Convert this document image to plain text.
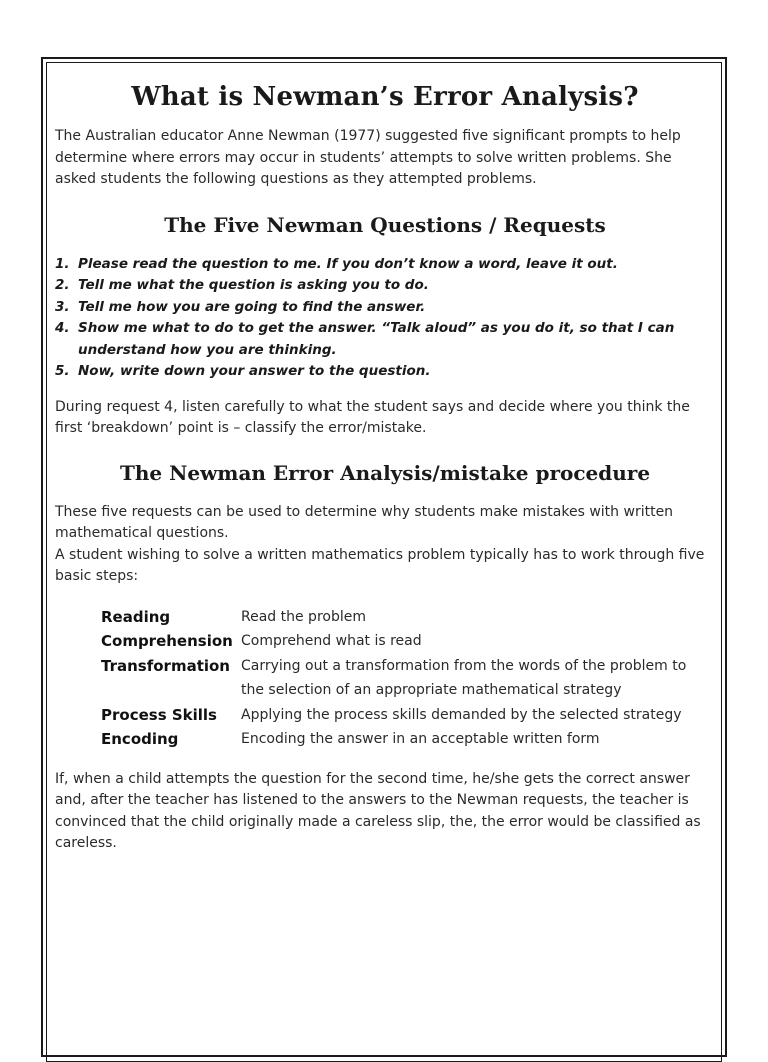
What is Newman’s Error Analysis?

The Australian educator Anne Newman (1977) suggested five significant prompts to help determine where errors may occur in students’ attempts to solve written problems. She asked students the following questions as they attempted problems.

The Five Newman Questions / Requests
1. Please read the question to me. If you don’t know a word, leave it out.
2. Tell me what the question is asking you to do.
3. Tell me how you are going to find the answer.
4. Show me what to do to get the answer. “Talk aloud” as you do it, so that I can understand how you are thinking.
5. Now, write down your answer to the question.

During request 4, listen carefully to what the student says and decide where you think the first ‘breakdown’ point is – classify the error/mistake.

The Newman Error Analysis/mistake procedure

These five requests can be used to determine why students make mistakes with written mathematical questions.

A student wishing to solve a written mathematics problem typically has to work through five basic steps:

Reading	Read the problem
Comprehension Comprehend what is read
Transformation Carrying out a transformation from the words of the problem to the selection of an appropriate mathematical strategy
Process Skills	Applying the process skills demanded by the selected strategy
Encoding	Encoding the answer in an acceptable written form

If, when a child attempts the question for the second time, he/she gets the correct answer and, after the teacher has listened to the answers to the Newman requests, the teacher is convinced that the child originally made a careless slip, the, the error would be classified as careless.
